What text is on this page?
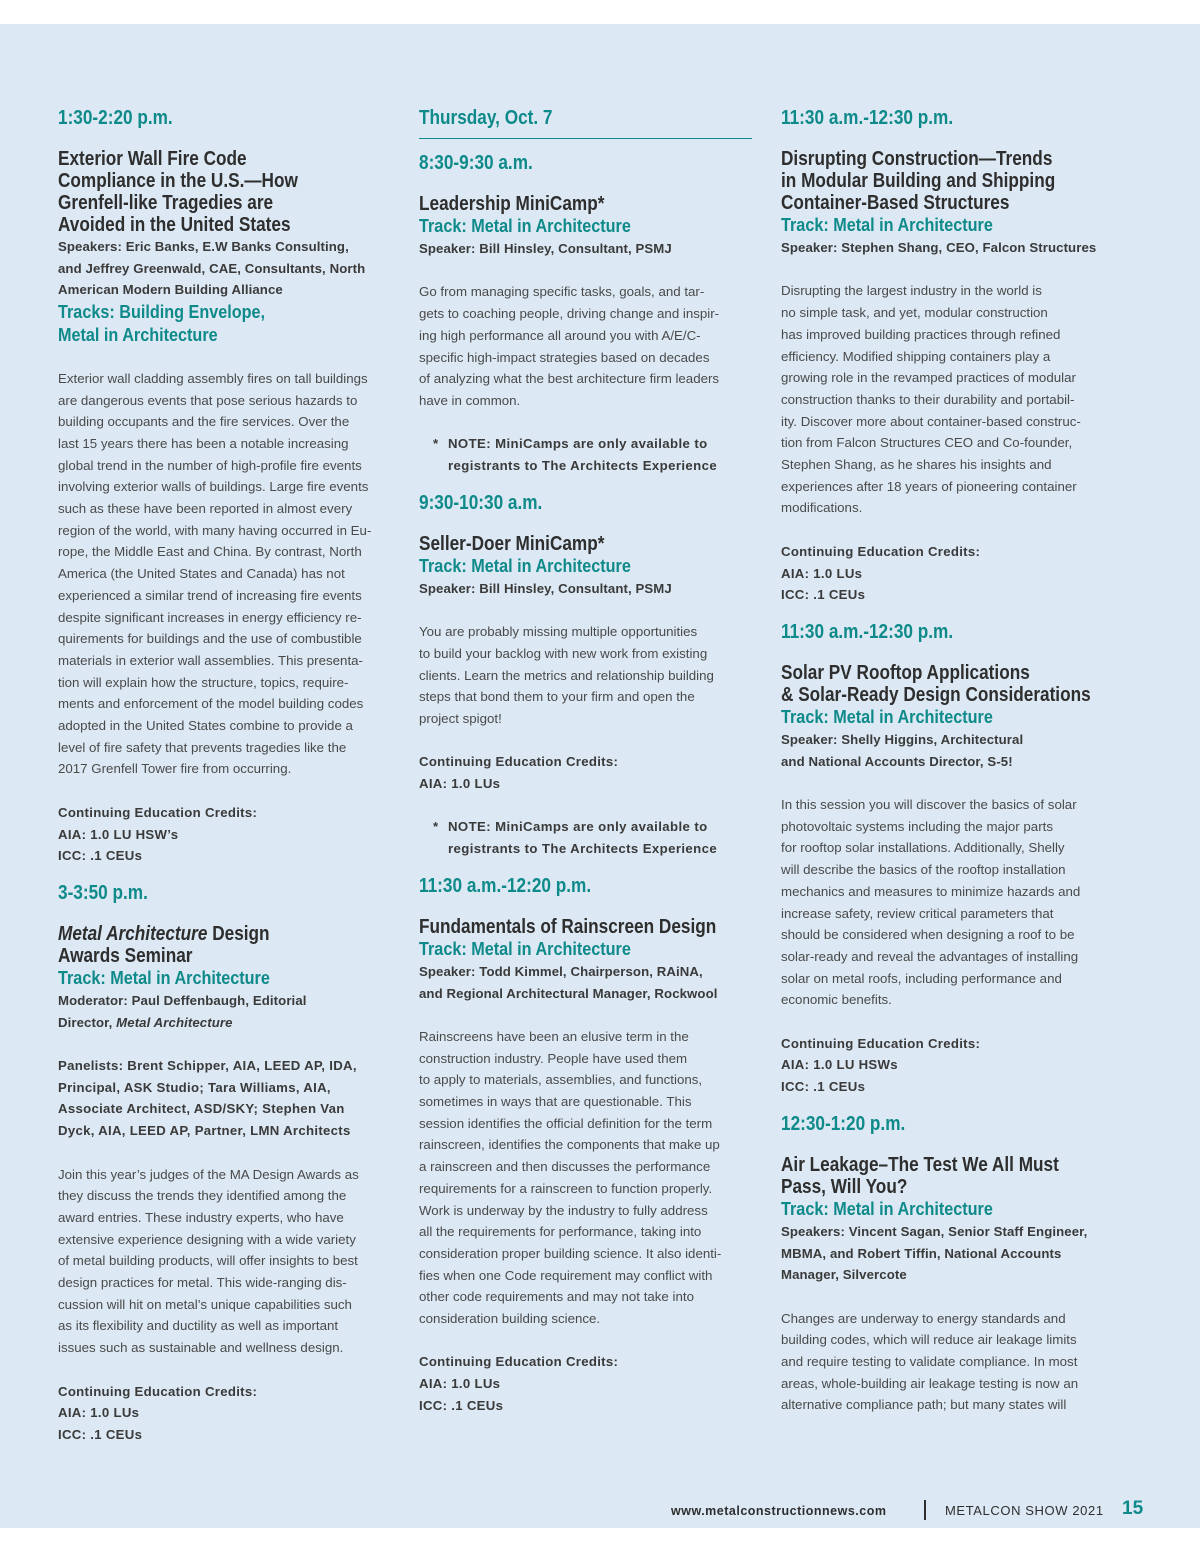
1:30-2:20 p.m.
Exterior Wall Fire Code
Compliance in the U.S.—How
Grenfell-like Tragedies are
Avoided in the United States
Speakers: Eric Banks, E.W Banks Consulting,
and Jeffrey Greenwald, CAE, Consultants, North
American Modern Building Alliance
Tracks: Building Envelope,
Metal in Architecture
Exterior wall cladding assembly fires on tall buildings
are dangerous events that pose serious hazards to
building occupants and the fire services. Over the
last 15 years there has been a notable increasing
global trend in the number of high-profile fire events
involving exterior walls of buildings. Large fire events
such as these have been reported in almost every
region of the world, with many having occurred in Eu-
rope, the Middle East and China. By contrast, North
America (the United States and Canada) has not
experienced a similar trend of increasing fire events
despite significant increases in energy efficiency re-
quirements for buildings and the use of combustible
materials in exterior wall assemblies. This presenta-
tion will explain how the structure, topics, require-
ments and enforcement of the model building codes
adopted in the United States combine to provide a
level of fire safety that prevents tragedies like the
2017 Grenfell Tower fire from occurring.
Continuing Education Credits:
AIA: 1.0 LU HSW’s
ICC: .1 CEUs
3-3:50 p.m.
Metal Architecture Design
Awards Seminar
Track: Metal in Architecture
Moderator: Paul Deffenbaugh, Editorial
Director, Metal Architecture
Panelists: Brent Schipper, AIA, LEED AP, IDA,
Principal, ASK Studio; Tara Williams, AIA,
Associate Architect, ASD/SKY; Stephen Van
Dyck, AIA, LEED AP, Partner, LMN Architects
Join this year’s judges of the MA Design Awards as
they discuss the trends they identified among the
award entries. These industry experts, who have
extensive experience designing with a wide variety
of metal building products, will offer insights to best
design practices for metal. This wide-ranging dis-
cussion will hit on metal’s unique capabilities such
as its flexibility and ductility as well as important
issues such as sustainable and wellness design.
Continuing Education Credits:
AIA: 1.0 LUs
ICC: .1 CEUs
Thursday, Oct. 7
8:30-9:30 a.m.
Leadership MiniCamp*
Track: Metal in Architecture
Speaker: Bill Hinsley, Consultant, PSMJ
Go from managing specific tasks, goals, and tar-
gets to coaching people, driving change and inspir-
ing high performance all around you with A/E/C-
specific high-impact strategies based on decades
of analyzing what the best architecture firm leaders
have in common.
* NOTE: MiniCamps are only available to
registrants to The Architects Experience
9:30-10:30 a.m.
Seller-Doer MiniCamp*
Track: Metal in Architecture
Speaker: Bill Hinsley, Consultant, PSMJ
You are probably missing multiple opportunities
to build your backlog with new work from existing
clients. Learn the metrics and relationship building
steps that bond them to your firm and open the
project spigot!
Continuing Education Credits:
AIA: 1.0 LUs
* NOTE: MiniCamps are only available to
registrants to The Architects Experience
11:30 a.m.-12:20 p.m.
Fundamentals of Rainscreen Design
Track: Metal in Architecture
Speaker: Todd Kimmel, Chairperson, RAiNA,
and Regional Architectural Manager, Rockwool
Rainscreens have been an elusive term in the
construction industry. People have used them
to apply to materials, assemblies, and functions,
sometimes in ways that are questionable. This
session identifies the official definition for the term
rainscreen, identifies the components that make up
a rainscreen and then discusses the performance
requirements for a rainscreen to function properly.
Work is underway by the industry to fully address
all the requirements for performance, taking into
consideration proper building science. It also identi-
fies when one Code requirement may conflict with
other code requirements and may not take into
consideration building science.
Continuing Education Credits:
AIA: 1.0 LUs
ICC: .1 CEUs
11:30 a.m.-12:30 p.m.
Disrupting Construction—Trends
in Modular Building and Shipping
Container-Based Structures
Track: Metal in Architecture
Speaker: Stephen Shang, CEO, Falcon Structures
Disrupting the largest industry in the world is
no simple task, and yet, modular construction
has improved building practices through refined
efficiency. Modified shipping containers play a
growing role in the revamped practices of modular
construction thanks to their durability and portabil-
ity. Discover more about container-based construc-
tion from Falcon Structures CEO and Co-founder,
Stephen Shang, as he shares his insights and
experiences after 18 years of pioneering container
modifications.
Continuing Education Credits:
AIA: 1.0 LUs
ICC: .1 CEUs
11:30 a.m.-12:30 p.m.
Solar PV Rooftop Applications
& Solar-Ready Design Considerations
Track: Metal in Architecture
Speaker: Shelly Higgins, Architectural
and National Accounts Director, S-5!
In this session you will discover the basics of solar
photovoltaic systems including the major parts
for rooftop solar installations. Additionally, Shelly
will describe the basics of the rooftop installation
mechanics and measures to minimize hazards and
increase safety, review critical parameters that
should be considered when designing a roof to be
solar-ready and reveal the advantages of installing
solar on metal roofs, including performance and
economic benefits.
Continuing Education Credits:
AIA: 1.0 LU HSWs
ICC: .1 CEUs
12:30-1:20 p.m.
Air Leakage–The Test We All Must
Pass, Will You?
Track: Metal in Architecture
Speakers: Vincent Sagan, Senior Staff Engineer,
MBMA, and Robert Tiffin, National Accounts
Manager, Silvercote
Changes are underway to energy standards and
building codes, which will reduce air leakage limits
and require testing to validate compliance. In most
areas, whole-building air leakage testing is now an
alternative compliance path; but many states will
www.metalconstructionnews.com	METALCON SHOW 2021 15
